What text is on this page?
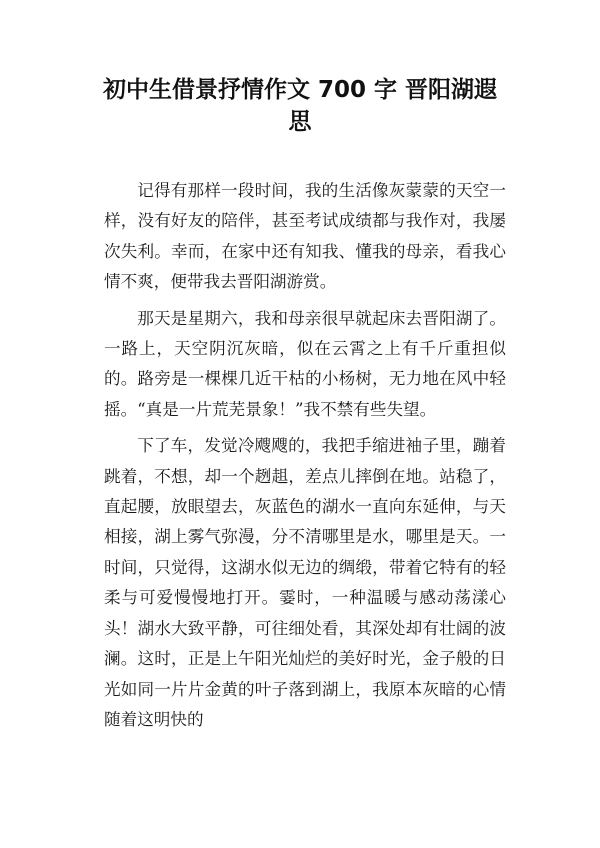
初中生借景抒情作文 700 字 晋阳湖遐思

记得有那样一段时间，我的生活像灰蒙蒙的天空一样，没有好友的陪伴，甚至考试成绩都与我作对，我屡次失利。幸而，在家中还有知我、懂我的母亲，看我心情不爽，便带我去晋阳湖游赏。

那天是星期六，我和母亲很早就起床去晋阳湖了。一路上，天空阴沉灰暗，似在云霄之上有千斤重担似的。路旁是一棵棵几近干枯的小杨树，无力地在风中轻摇。“真是一片荒芜景象！”我不禁有些失望。

下了车，发觉冷飕飕的，我把手缩进袖子里，蹦着跳着，不想，却一个趔趄，差点儿摔倒在地。站稳了，直起腰，放眼望去，灰蓝色的湖水一直向东延伸，与天相接，湖上雾气弥漫，分不清哪里是水，哪里是天。一时间，只觉得，这湖水似无边的绸缎，带着它特有的轻柔与可爱慢慢地打开。霎时，一种温暖与感动荡漾心头！湖水大致平静，可往细处看，其深处却有壮阔的波澜。这时，正是上午阳光灿烂的美好时光，金子般的日光如同一片片金黄的叶子落到湖上，我原本灰暗的心情随着这明快的
